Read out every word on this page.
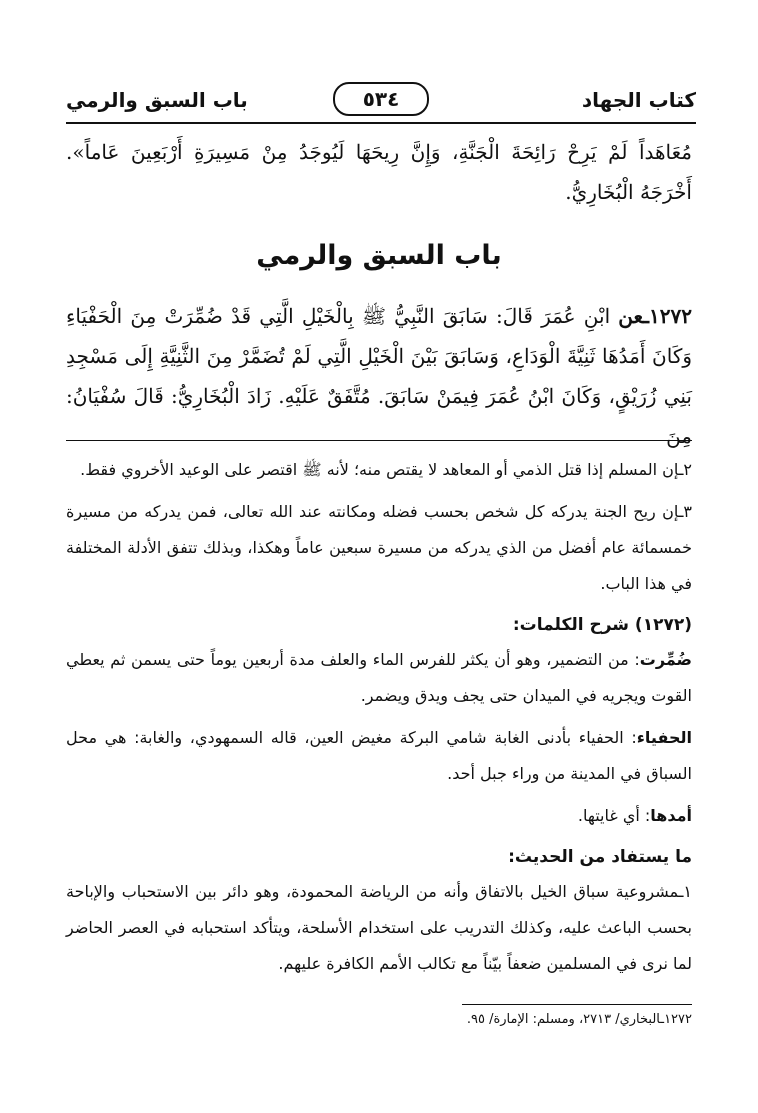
كتاب الجهاد
٥٣٤
باب السبق والرمي
مُعَاهَداً لَمْ يَرِحْ رَائِحَةَ الْجَنَّةِ، وَإِنَّ رِيحَهَا لَيُوجَدُ مِنْ مَسِيرَةِ أَرْبَعِينَ عَاماً». أَخْرَجَهُ الْبُخَارِيُّ.
باب السبق والرمي
١٢٧٢ـعن ابْنِ عُمَرَ قَالَ: سَابَقَ النَّبِيُّ ﷺ بِالْخَيْلِ الَّتِي قَدْ ضُمِّرَتْ مِنَ الْحَفْيَاءِ وَكَانَ أَمَدُهَا ثَنِيَّةَ الْوَدَاعِ، وَسَابَقَ بَيْنَ الْخَيْلِ الَّتِي لَمْ تُضَمَّرْ مِنَ الثَّنِيَّةِ إِلَى مَسْجِدِ بَنِي زُرَيْقٍ، وَكَانَ ابْنُ عُمَرَ فِيمَنْ سَابَقَ. مُتَّفَقٌ عَلَيْهِ. زَادَ الْبُخَارِيُّ: قَالَ سُفْيَانُ: مِنَ

٢ـإن المسلم إذا قتل الذمي أو المعاهد لا يقتص منه؛ لأنه ﷺ اقتصر على الوعيد الأخروي فقط.

٣ـإن ريح الجنة يدركه كل شخص بحسب فضله ومكانته عند الله تعالى، فمن يدركه من مسيرة خمسمائة عام أفضل من الذي يدركه من مسيرة سبعين عاماً وهكذا، وبذلك تتفق الأدلة المختلفة في هذا الباب.

(١٢٧٢) شرح الكلمات:

ضُمِّرت: من التضمير، وهو أن يكثر للفرس الماء والعلف مدة أربعين يوماً حتى يسمن ثم يعطي القوت ويجريه في الميدان حتى يجف ويدق ويضمر.

الحفياء: الحفياء بأدنى الغابة شامي البركة مغيض العين، قاله السمهودي، والغابة: هي محل السباق في المدينة من وراء جبل أحد.

أمدها: أي غايتها.

ما يستفاد من الحديث:

١ـمشروعية سباق الخيل بالاتفاق وأنه من الرياضة المحمودة، وهو دائر بين الاستحباب والإباحة بحسب الباعث عليه، وكذلك التدريب على استخدام الأسلحة، ويتأكد استحبابه في العصر الحاضر لما نرى في المسلمين ضعفاً بيّناً مع تكالب الأمم الكافرة عليهم.

١٢٧٢ـالبخاري/ ٢٧١٣، ومسلم: الإمارة/ ٩٥.
